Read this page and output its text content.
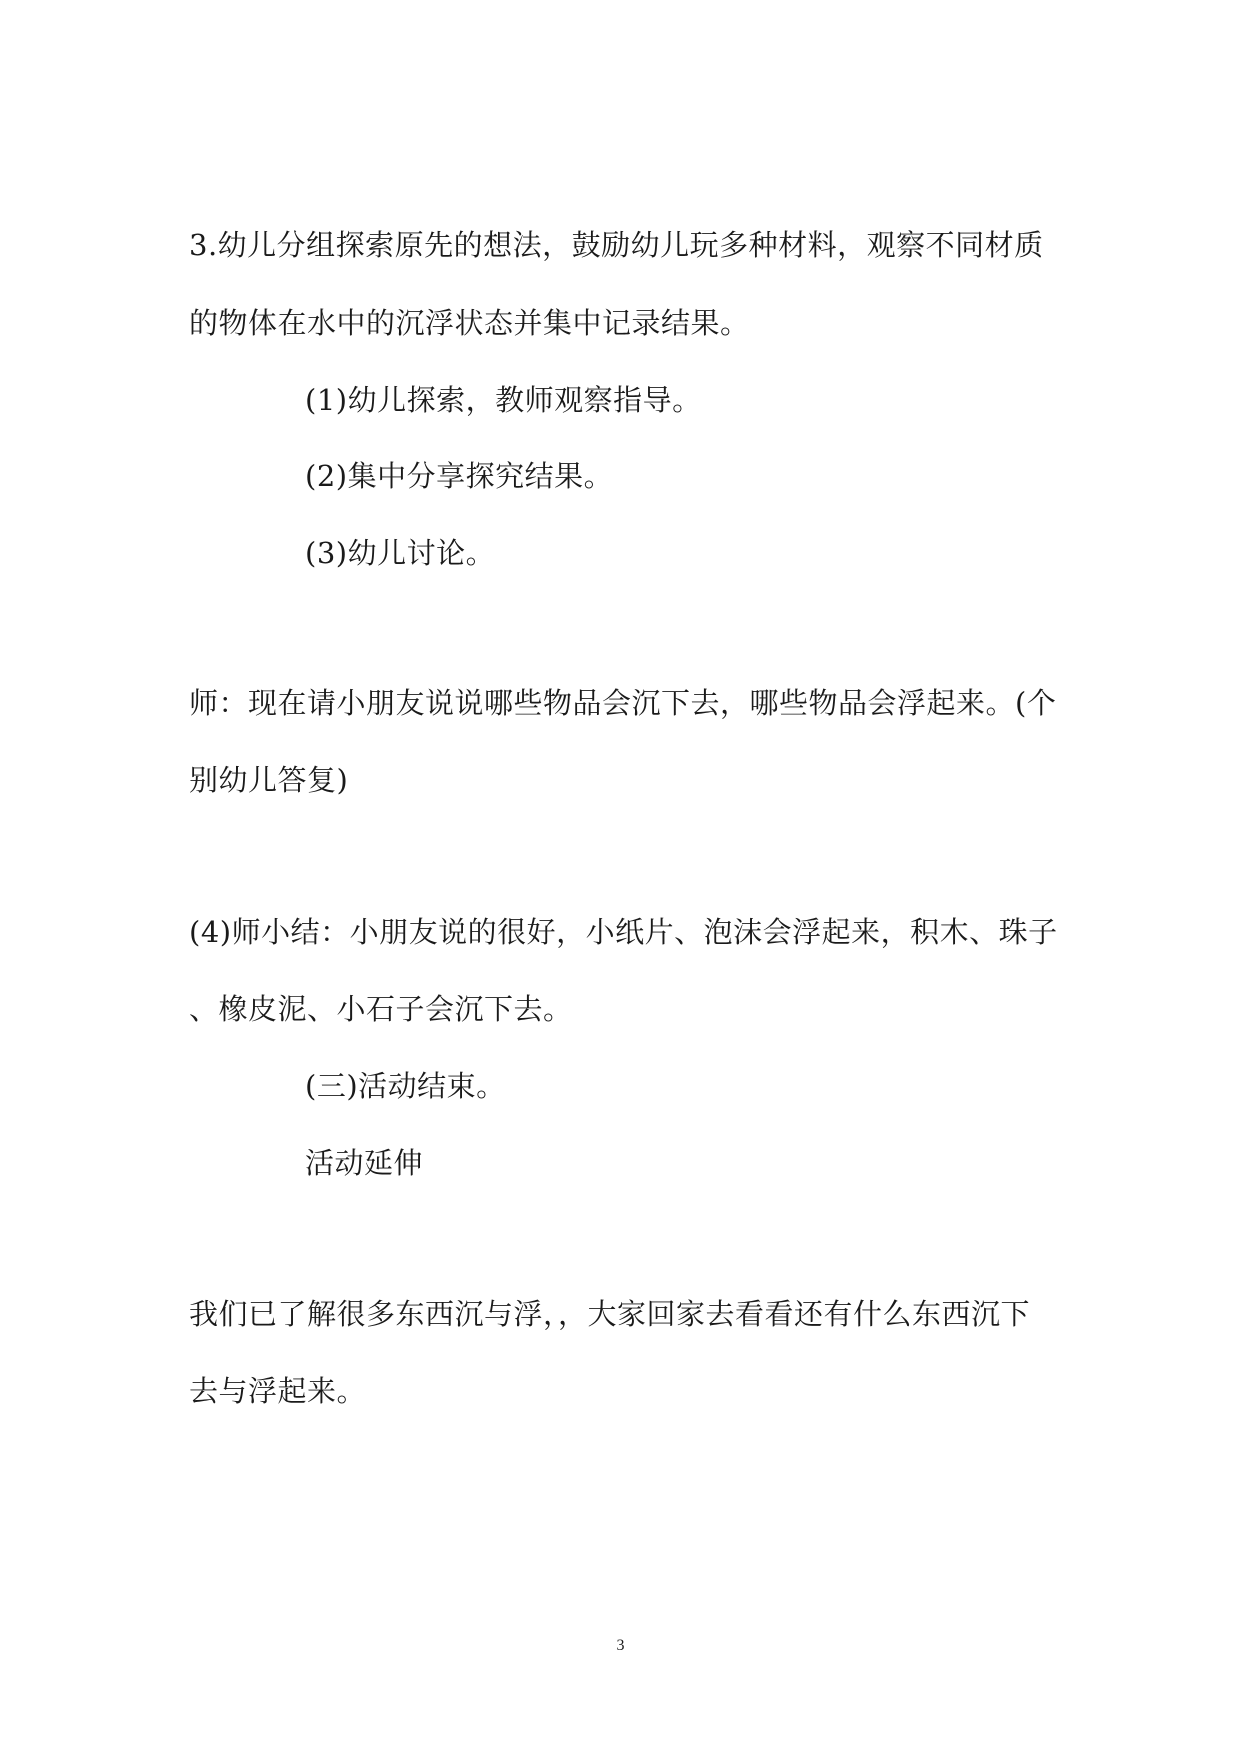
3.幼儿分组探索原先的想法，鼓励幼儿玩多种材料，观察不同材质
的物体在水中的沉浮状态并集中记录结果。
(1)幼儿探索，教师观察指导。
(2)集中分享探究结果。
(3)幼儿讨论。
师：现在请小朋友说说哪些物品会沉下去，哪些物品会浮起来。(个
别幼儿答复)
(4)师小结：小朋友说的很好，小纸片、泡沫会浮起来，积木、珠子
、橡皮泥、小石子会沉下去。
(三)活动结束。
活动延伸
我们已了解很多东西沉与浮，，大家回家去看看还有什么东西沉下
去与浮起来。
3
